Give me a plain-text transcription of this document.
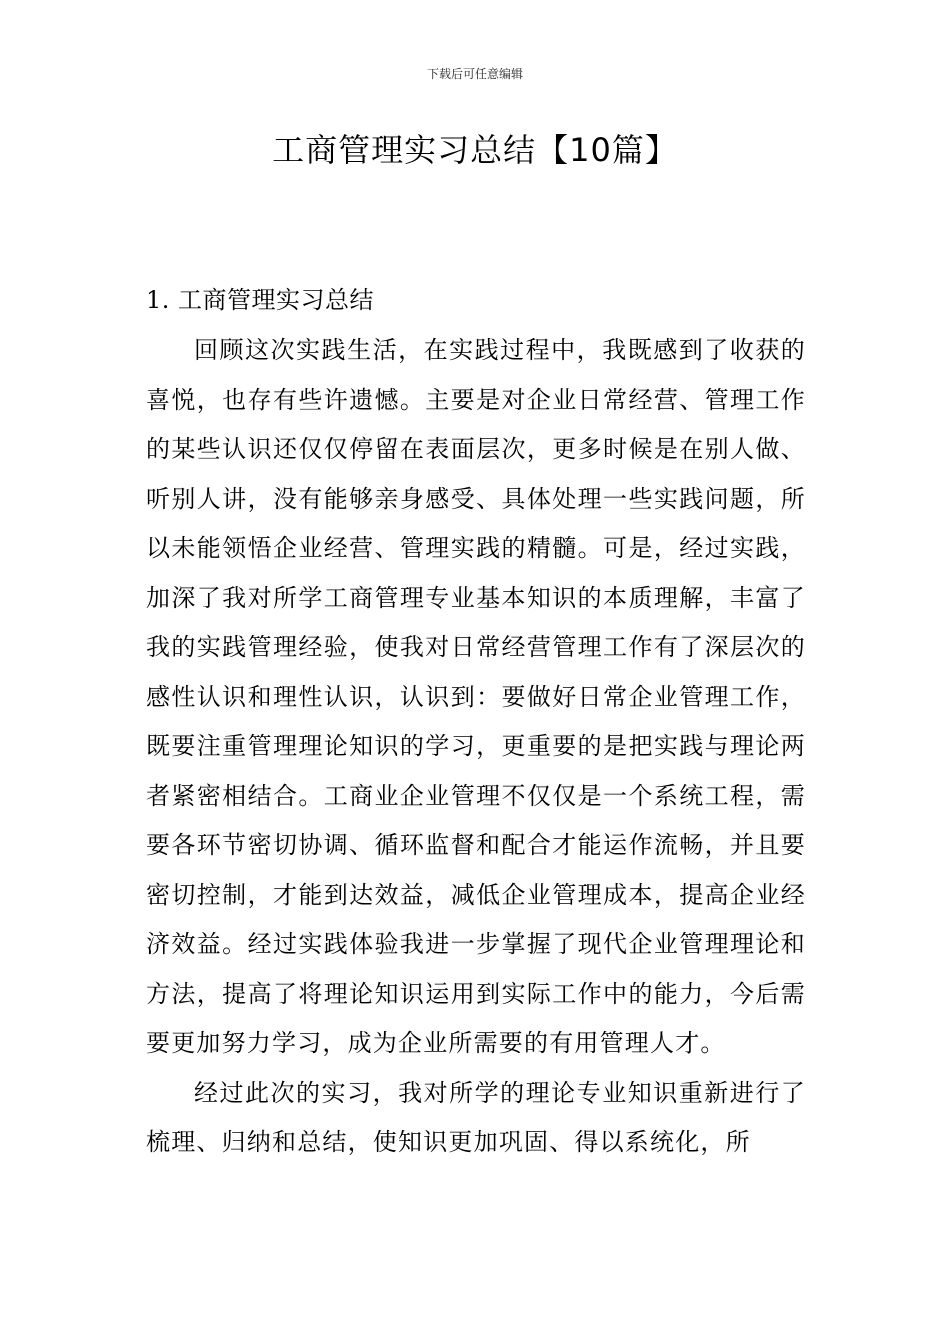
下载后可任意编辑
工商管理实习总结【10篇】
1. 工商管理实习总结

回顾这次实践生活，在实践过程中，我既感到了收获的喜悦，也存有些许遗憾。主要是对企业日常经营、管理工作的某些认识还仅仅停留在表面层次，更多时候是在别人做、听别人讲，没有能够亲身感受、具体处理一些实践问题，所以未能领悟企业经营、管理实践的精髓。可是，经过实践，加深了我对所学工商管理专业基本知识的本质理解，丰富了我的实践管理经验，使我对日常经营管理工作有了深层次的感性认识和理性认识，认识到：要做好日常企业管理工作，既要注重管理理论知识的学习，更重要的是把实践与理论两者紧密相结合。工商业企业管理不仅仅是一个系统工程，需要各环节密切协调、循环监督和配合才能运作流畅，并且要密切控制，才能到达效益，减低企业管理成本，提高企业经济效益。经过实践体验我进一步掌握了现代企业管理理论和方法，提高了将理论知识运用到实际工作中的能力，今后需要更加努力学习，成为企业所需要的有用管理人才。

经过此次的实习，我对所学的理论专业知识重新进行了梳理、归纳和总结，使知识更加巩固、得以系统化，所
